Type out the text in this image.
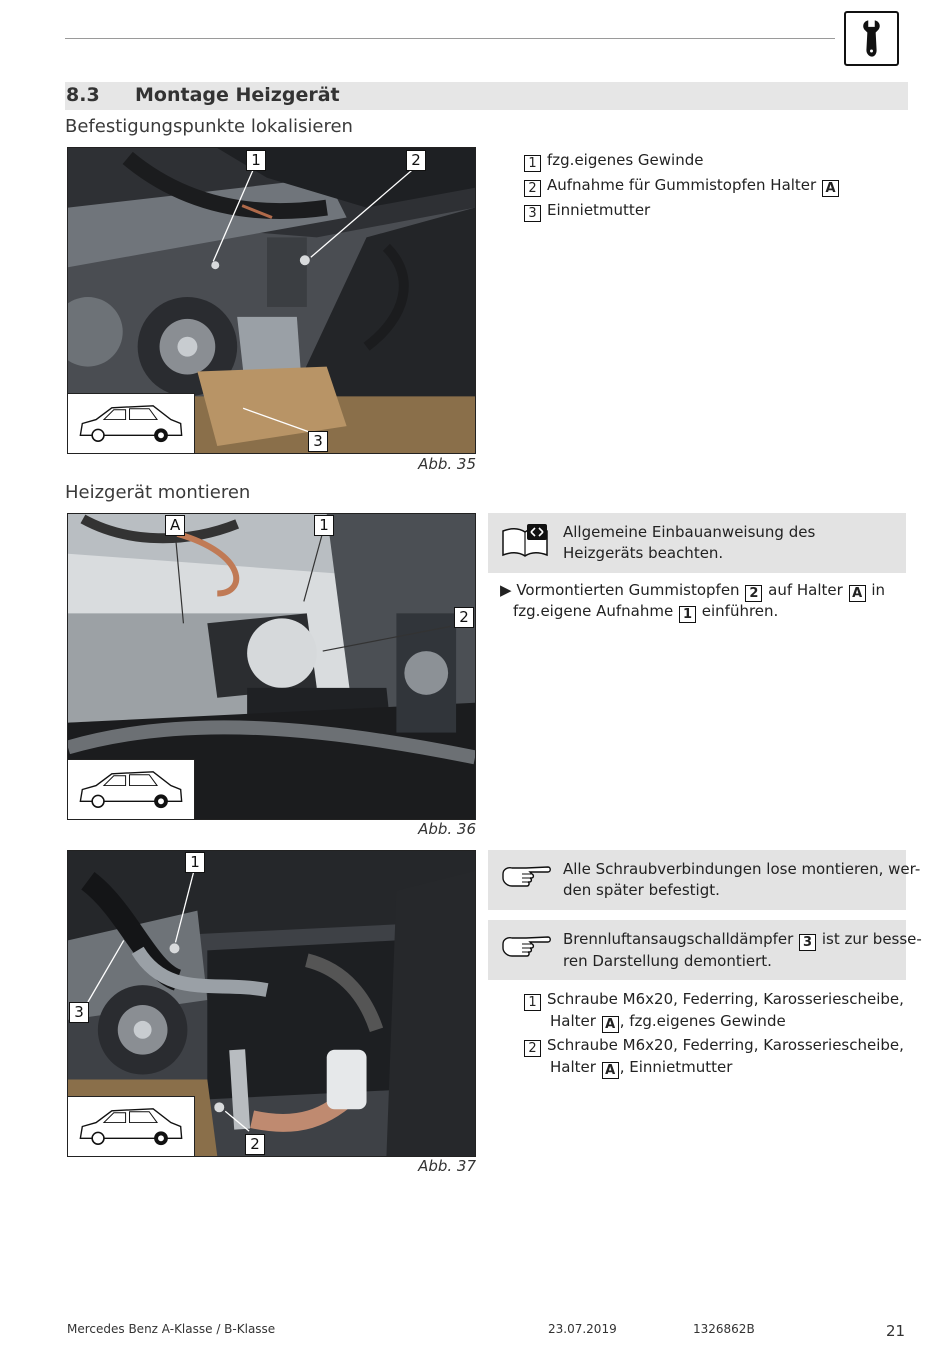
8.3 Montage Heizgerät
Befestigungspunkte lokalisieren
1	2
3
Abb. 35
1 fzg.eigenes Gewinde
2 Aufnahme für Gummistopfen Halter A
3 Einnietmutter
Heizgerät montieren
A	1
2
Abb. 36
Allgemeine Einbauanweisung des Heizgeräts beachten.
▶ Vormontierten Gummistopfen 2 auf Halter A in
fzg.eigene Aufnahme 1 einführen.
1
3
2
Abb. 37
Alle Schraubverbindungen lose montieren, wer-
den später befestigt.
Brennluftansaugschalldämpfer 3 ist zur besse-
ren Darstellung demontiert.
1 Schraube M6x20, Federring, Karosseriescheibe,
Halter A , fzg.eigenes Gewinde
2 Schraube M6x20, Federring, Karosseriescheibe,
Halter A , Einnietmutter
Mercedes Benz A-Klasse / B-Klasse	23.07.2019	1326862B	21
